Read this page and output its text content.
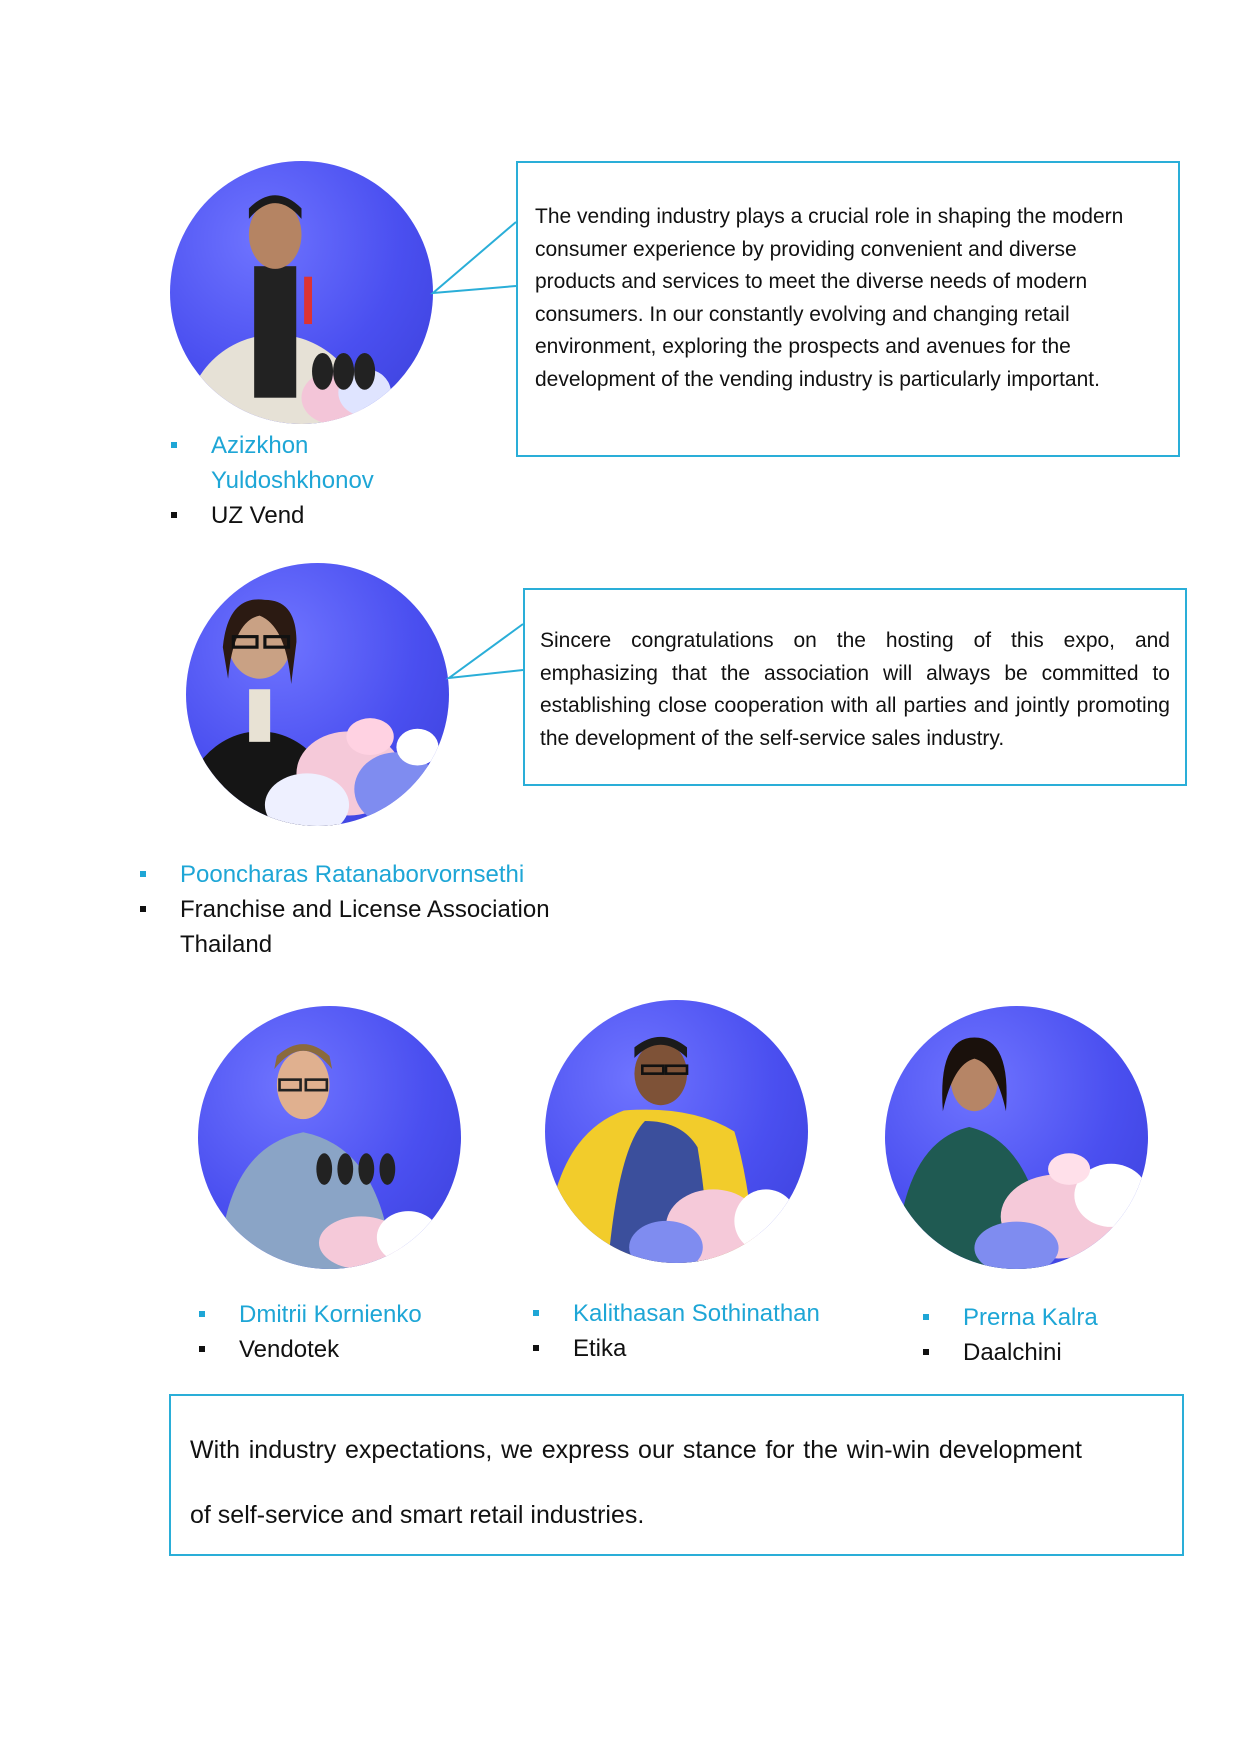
The vending industry plays a crucial role in shaping the modern consumer experience by providing convenient and diverse products and services to meet the diverse needs of modern consumers. In our constantly evolving and changing retail environment, exploring the prospects and avenues for the development of the vending industry is particularly important.
Azizkhon Yuldoshkhonov
UZ Vend
Sincere congratulations on the hosting of this expo, and emphasizing that the association will always be committed to establishing close cooperation with all parties and jointly promoting the development of the self-service sales industry.
Pooncharas Ratanaborvornsethi
Franchise and License Association Thailand
Dmitrii Kornienko
Vendotek
Kalithasan Sothinathan
Etika
Prerna Kalra
Daalchini
With industry expectations, we express our stance for the win-win development of self-service and smart retail industries.
